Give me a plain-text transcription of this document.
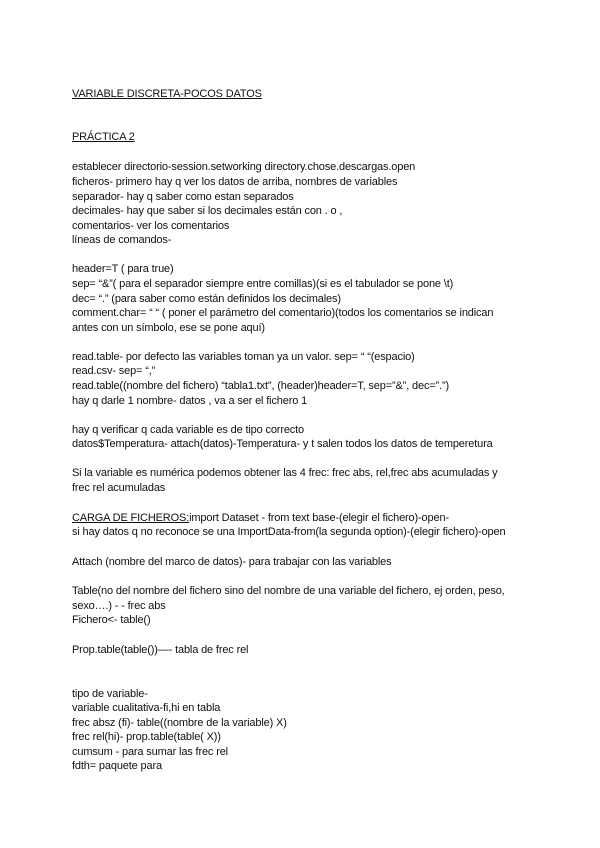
VARIABLE DISCRETA-POCOS DATOS
PRÁCTICA 2
establecer directorio-session.setworking directory.chose.descargas.open
ficheros- primero hay q ver los datos de arriba, nombres de variables
separador- hay q saber como estan separados
decimales- hay que saber si los decimales están con . o ,
comentarios- ver los comentarios
líneas de comandos-
header=T ( para true)
sep= “&”( para el separador siempre entre comillas)(si es el tabulador se pone \t)
dec= “.” (para saber como están definidos los decimales)
comment.char= “ “ ( poner el parámetro del comentario)(todos los comentarios se indican
antes con un símbolo, ese se pone aquí)
read.table- por defecto las variables toman ya un valor. sep= “ “(espacio)
read.csv- sep= “,”
read.table((nombre del fichero) “tabla1.txt”, (header)header=T, sep=”&”, dec=”.”)
hay q darle 1 nombre- datos , va a ser el fichero 1
hay q verificar q cada variable es de tipo correcto
datos$Temperatura- attach(datos)-Temperatura- y t salen todos los datos de temperetura
Si la variable es numérica podemos obtener las 4 frec: frec abs, rel,frec abs acumuladas y
frec rel acumuladas
CARGA DE FICHEROS:import Dataset - from text base-(elegir el fichero)-open-
si hay datos q no reconoce se una ImportData-from(la segunda option)-(elegir fichero)-open
Attach (nombre del marco de datos)- para trabajar con las variables
Table(no del nombre del fichero sino del nombre de una variable del fichero, ej orden, peso,
sexo….) - - frec abs
Fichero<- table()
Prop.table(table())—- tabla de frec rel
tipo de variable-
variable cualitativa-fi,hi en tabla
frec absz (fi)- table((nombre de la variable) X)
frec rel(hi)- prop.table(table( X))
cumsum - para sumar las frec rel
fdth= paquete para
